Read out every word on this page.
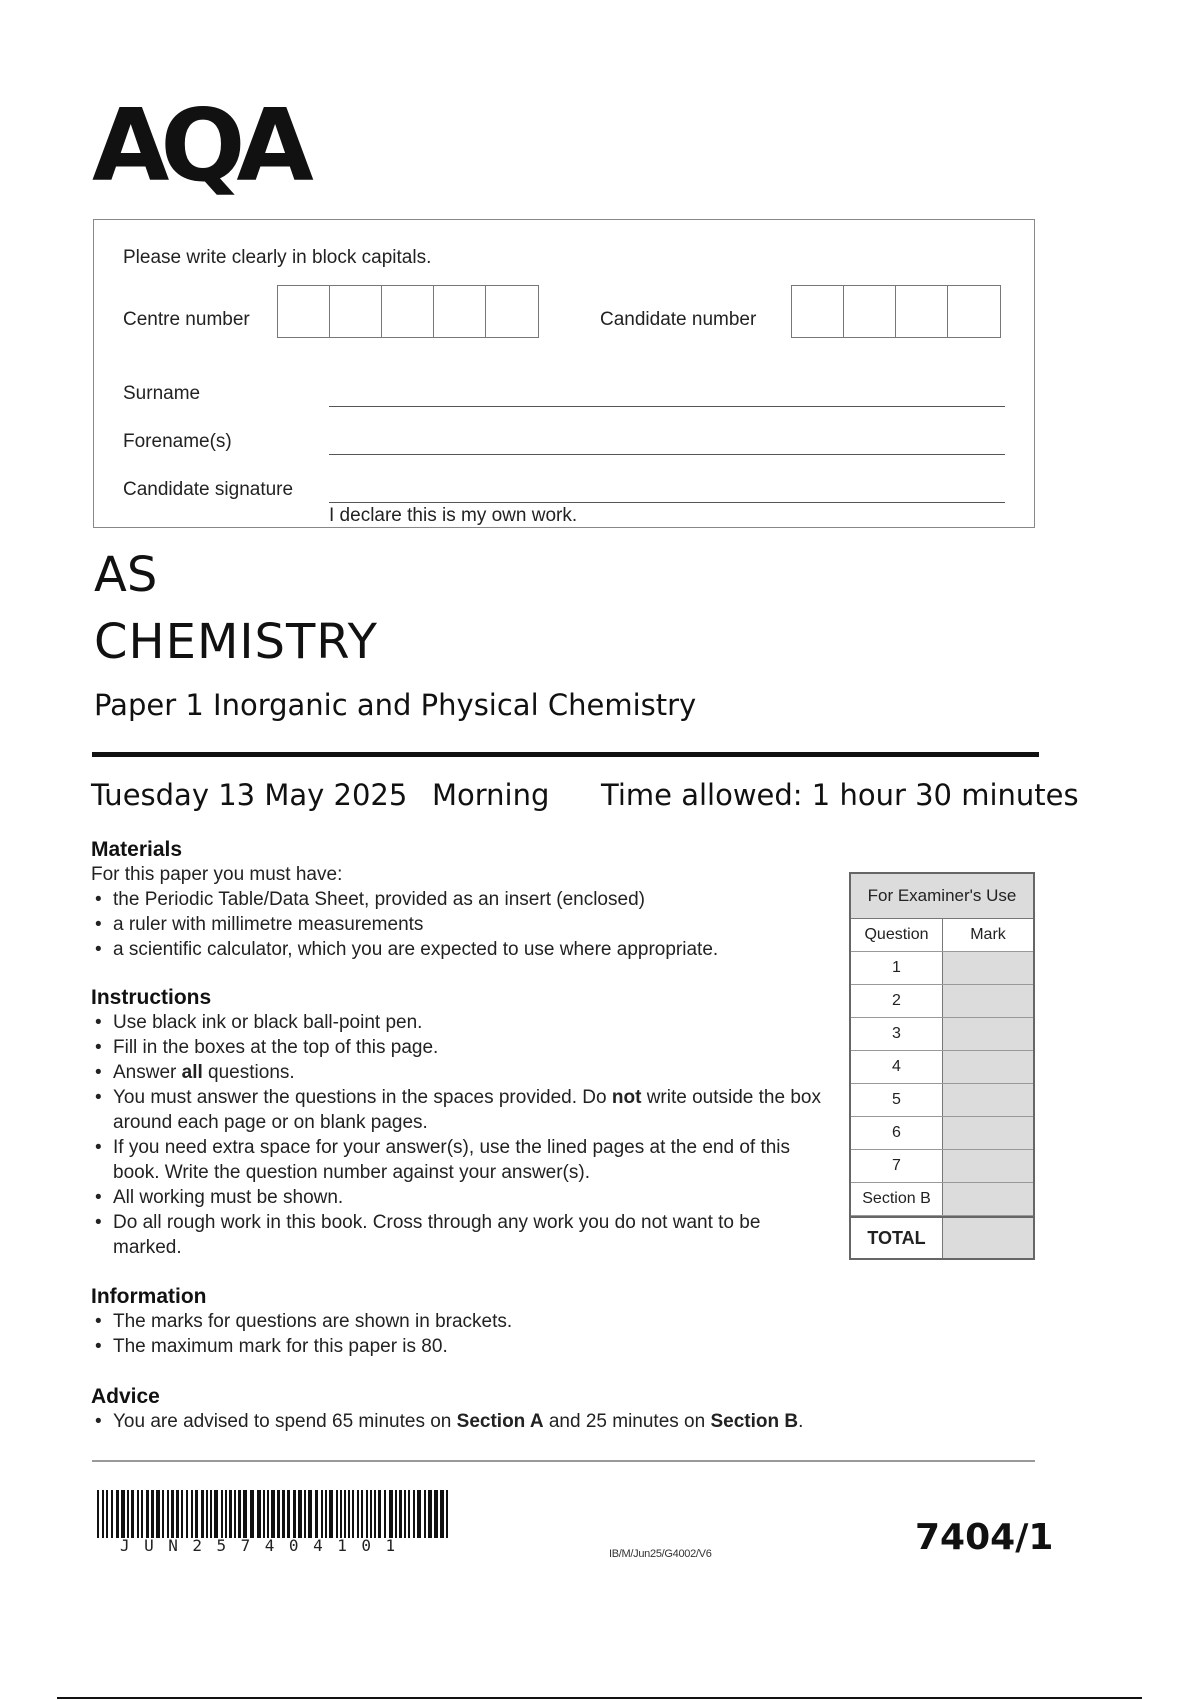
AQA
Please write clearly in block capitals.
Centre number	Candidate number
Surname
Forename(s)
Candidate signature
I declare this is my own work.
AS
CHEMISTRY
Paper 1 Inorganic and Physical Chemistry
Tuesday 13 May 2025 Morning Time allowed: 1 hour 30 minutes
Materials
For this paper you must have:
• the Periodic Table/Data Sheet, provided as an insert (enclosed)
• a ruler with millimetre measurements
• a scientific calculator, which you are expected to use where appropriate.
Instructions
• Use black ink or black ball-point pen.
• Fill in the boxes at the top of this page.
• Answer all questions.
• You must answer the questions in the spaces provided. Do not write outside the box around each page or on blank pages.
• If you need extra space for your answer(s), use the lined pages at the end of this book. Write the question number against your answer(s).
• All working must be shown.
• Do all rough work in this book. Cross through any work you do not want to be marked.
Information
• The marks for questions are shown in brackets.
• The maximum mark for this paper is 80.
Advice
• You are advised to spend 65 minutes on Section A and 25 minutes on Section B.
For Examiner's Use
Question	Mark
1
2
3
4
5
6
7
Section B
TOTAL
JUN257404101	IB/M/Jun25/G4002/V6	7404/1
